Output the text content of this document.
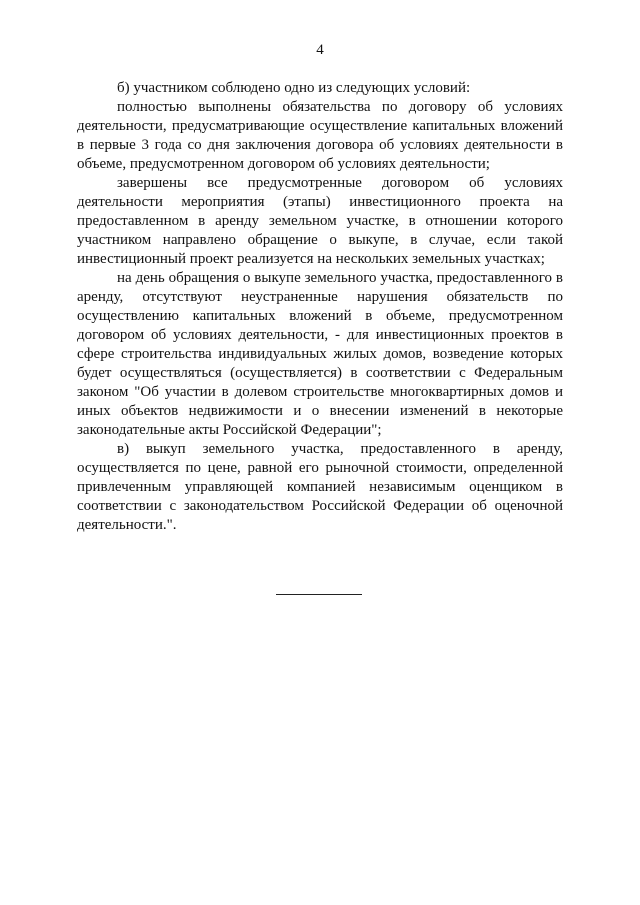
4

б) участником соблюдено одно из следующих условий:

полностью выполнены обязательства по договору об условиях деятельности, предусматривающие осуществление капитальных вложений в первые 3 года со дня заключения договора об условиях деятельности в объеме, предусмотренном договором об условиях деятельности;

завершены все предусмотренные договором об условиях деятельности мероприятия (этапы) инвестиционного проекта на предоставленном в аренду земельном участке, в отношении которого участником направлено обращение о выкупе, в случае, если такой инвестиционный проект реализуется на нескольких земельных участках;

на день обращения о выкупе земельного участка, предоставленного в аренду, отсутствуют неустраненные нарушения обязательств по осуществлению капитальных вложений в объеме, предусмотренном договором об условиях деятельности, - для инвестиционных проектов в сфере строительства индивидуальных жилых домов, возведение которых будет осуществляться (осуществляется) в соответствии с Федеральным законом "Об участии в долевом строительстве многоквартирных домов и иных объектов недвижимости и о внесении изменений в некоторые законодательные акты Российской Федерации";

в) выкуп земельного участка, предоставленного в аренду, осуществляется по цене, равной его рыночной стоимости, определенной привлеченным управляющей компанией независимым оценщиком в соответствии с законодательством Российской Федерации об оценочной деятельности.".
